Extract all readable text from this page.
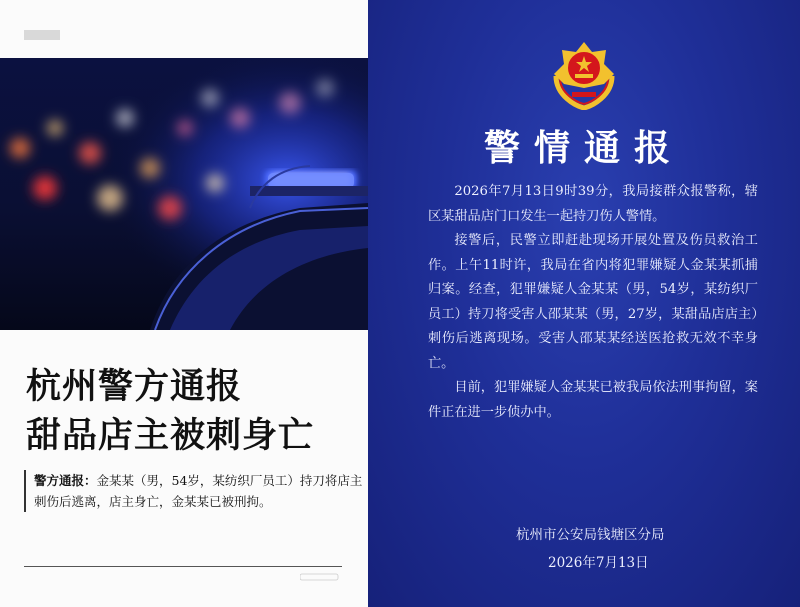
杭州警方通报
甜品店主被刺身亡
警方通报：金某某（男，54岁，某纺织厂员工）持刀将店主刺伤后逃离，店主身亡，金某某已被刑拘。
警情通报

2026年7月13日9时39分，我局接群众报警称，辖区某甜品店门口发生一起持刀伤人警情。

接警后，民警立即赶赴现场开展处置及伤员救治工作。上午11时许，我局在省内将犯罪嫌疑人金某某抓捕归案。经查，犯罪嫌疑人金某某（男，54岁，某纺织厂员工）持刀将受害人邵某某（男，27岁，某甜品店店主）刺伤后逃离现场。受害人邵某某经送医抢救无效不幸身亡。

目前，犯罪嫌疑人金某某已被我局依法刑事拘留，案件正在进一步侦办中。

杭州市公安局钱塘区分局
2026年7月13日
